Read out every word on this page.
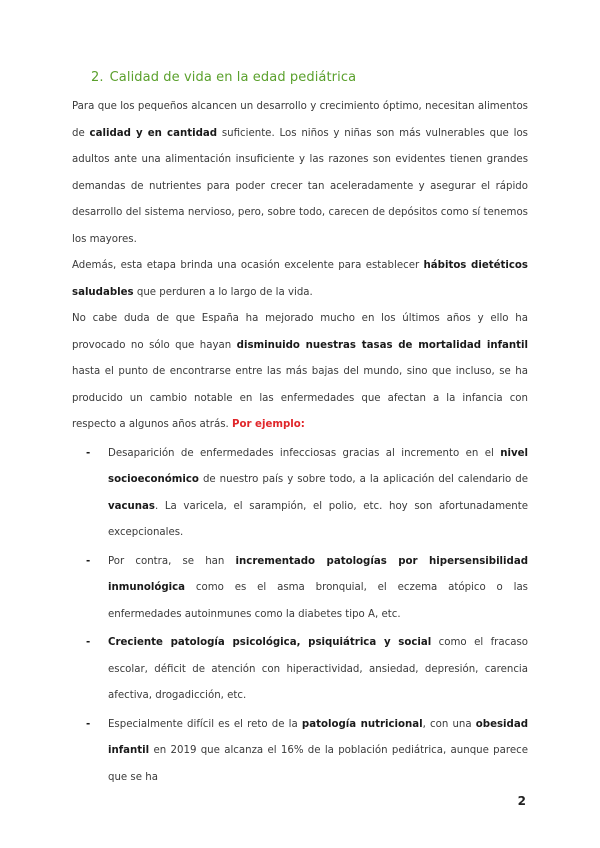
2. Calidad de vida en la edad pediátrica

Para que los pequeños alcancen un desarrollo y crecimiento óptimo, necesitan alimentos de calidad y en cantidad suficiente. Los niños y niñas son más vulnerables que los adultos ante una alimentación insuficiente y las razones son evidentes tienen grandes demandas de nutrientes para poder crecer tan aceleradamente y asegurar el rápido desarrollo del sistema nervioso, pero, sobre todo, carecen de depósitos como sí tenemos los mayores.

Además, esta etapa brinda una ocasión excelente para establecer hábitos dietéticos saludables que perduren a lo largo de la vida.

No cabe duda de que España ha mejorado mucho en los últimos años y ello ha provocado no sólo que hayan disminuido nuestras tasas de mortalidad infantil hasta el punto de encontrarse entre las más bajas del mundo, sino que incluso, se ha producido un cambio notable en las enfermedades que afectan a la infancia con respecto a algunos años atrás. Por ejemplo:

- Desaparición de enfermedades infecciosas gracias al incremento en el nivel socioeconómico de nuestro país y sobre todo, a la aplicación del calendario de vacunas. La varicela, el sarampión, el polio, etc. hoy son afortunadamente excepcionales.
- Por contra, se han incrementado patologías por hipersensibilidad inmunológica como es el asma bronquial, el eczema atópico o las enfermedades autoinmunes como la diabetes tipo A, etc.
- Creciente patología psicológica, psiquiátrica y social como el fracaso escolar, déficit de atención con hiperactividad, ansiedad, depresión, carencia afectiva, drogadicción, etc.
- Especialmente difícil es el reto de la patología nutricional, con una obesidad infantil en 2019 que alcanza el 16% de la población pediátrica, aunque parece que se ha
2
